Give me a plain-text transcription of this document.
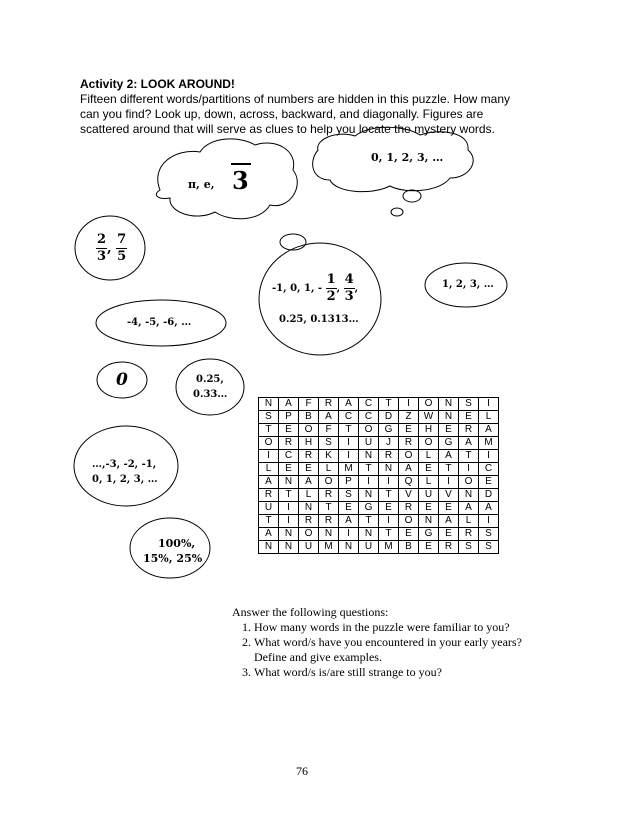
Activity 2: LOOK AROUND!
Fifteen different words/partitions of numbers are hidden in this puzzle. How many can you find? Look up, down, across, backward, and diagonally. Figures are scattered around that will serve as clues to help you locate the mystery words.
π, e, 3
0, 1, 2, 3, …
$\frac{2}{3}$ , $\frac{7}{5}$
1, 2, 3, …
-1, 0, 1, - $\frac{1}{2}$ , $\frac{4}{3}$ ,
0.25, 0.1313…
-4, -5, -6, …
0	0.25,
0.33…
…,-3, -2, -1,
0, 1, 2, 3, …
100%,
15%, 25%
N	A	F	R	A	C	T	I	O	N	S	I
S	P	B	A	C	C	D	Z	W	N	E	L
T	E	O	F	T	O	G	E	H	E	R	A
O	R	H	S	I	U	J	R	O	G	A	M
I	C	R	K	I	N	R	O	L	A	T	I
L	E	E	L	M	T	N	A	E	T	I	C
A	N	A	O	P	I	I	Q	L	I	O	E
R	T	L	R	S	N	T	V	U	V	N	D
U	I	N	T	E	G	E	R	E	E	A	A
T	I	R	R	A	T	I	O	N	A	L	I
A	N	O	N	I	N	T	E	G	E	R	S
N	N	U	M	N	U	M	B	E	R	S	S
Answer the following questions:
1. How many words in the puzzle were familiar to you?
2. What word/s have you encountered in your early years? Define and give examples.
3. What word/s is/are still strange to you?
76
